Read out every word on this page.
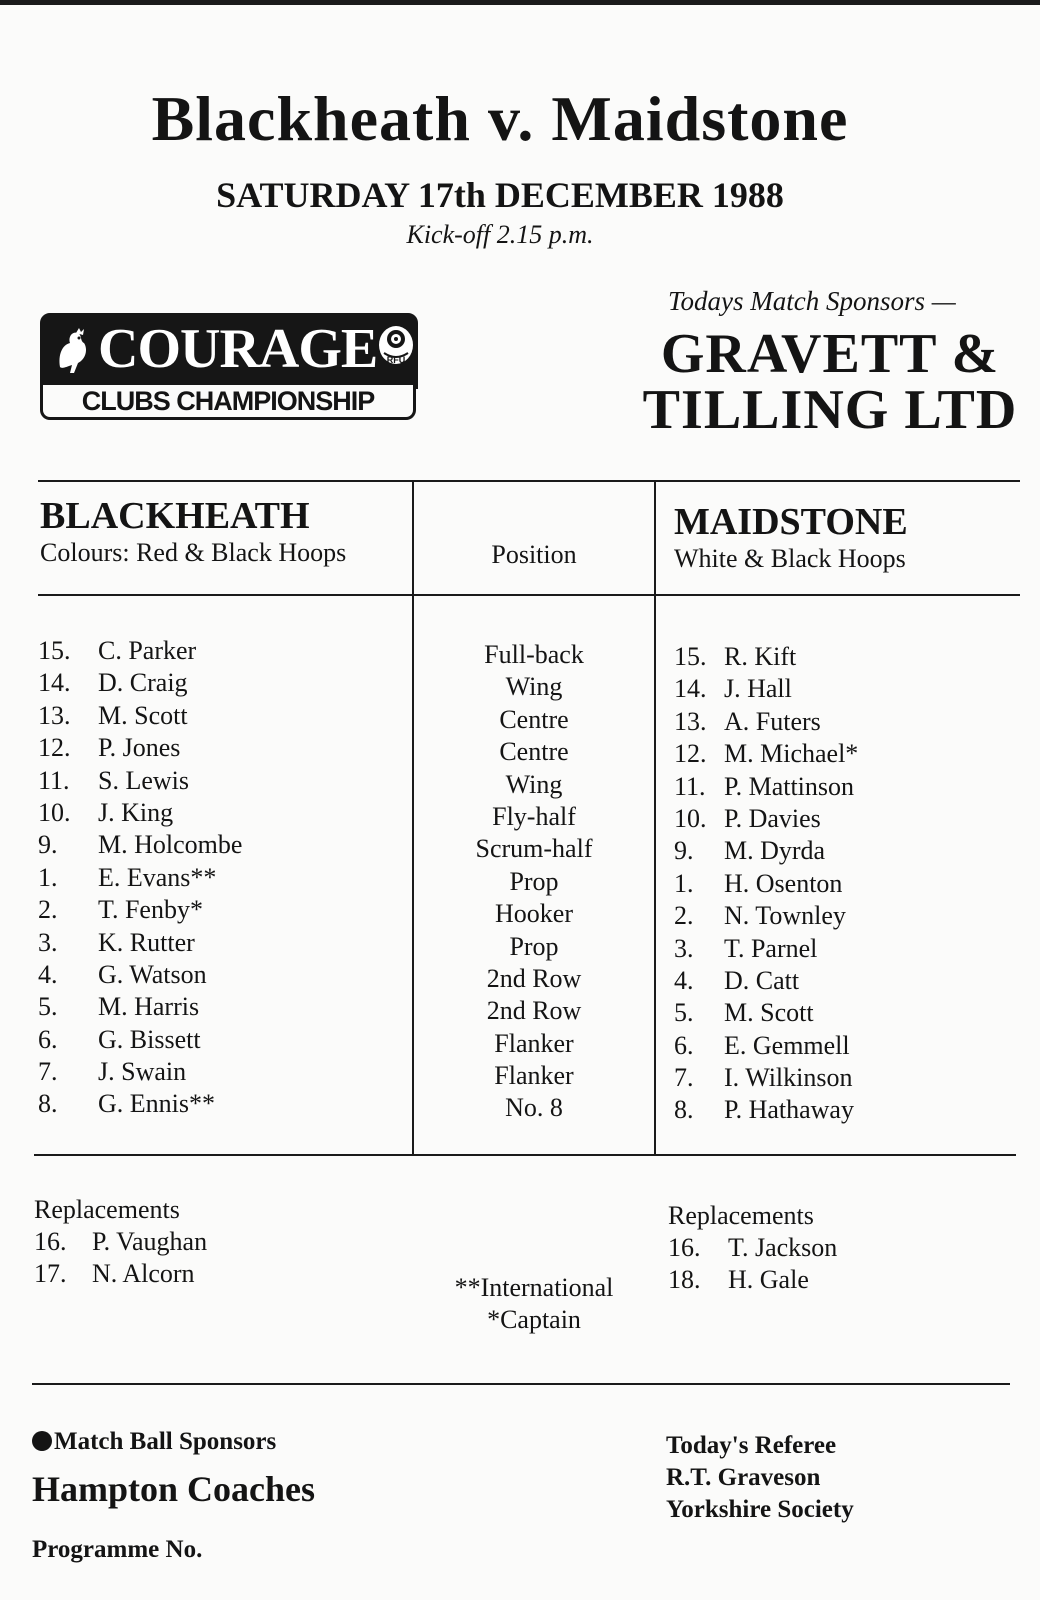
Blackheath v. Maidstone
SATURDAY 17th DECEMBER 1988
Kick-off 2.15 p.m.
COURAGE RFU
CLUBS CHAMPIONSHIP
Todays Match Sponsors —
GRAVETT &
TILLING LTD
BLACKHEATH
Colours: Red & Black Hoops	Position
MAIDSTONE
White & Black Hoops
15. C. Parker
14. D. Craig
13. M. Scott
12. P. Jones
11. S. Lewis
10. J. King
9. M. Holcombe
1. E. Evans**
2. T. Fenby*
3. K. Rutter
4. G. Watson
5. M. Harris
6. G. Bissett
7. J. Swain
8. G. Ennis**
Full-back
Wing
Centre
Centre
Wing
Fly-half
Scrum-half
Prop
Hooker
Prop
2nd Row
2nd Row
Flanker
Flanker
No. 8
15. R. Kift
14. J. Hall
13. A. Futers
12. M. Michael*
11. P. Mattinson
10. P. Davies
9. M. Dyrda
1. H. Osenton
2. N. Townley
3. T. Parnel
4. D. Catt
5. M. Scott
6. E. Gemmell
7. I. Wilkinson
8. P. Hathaway
Replacements
16. P. Vaughan
17. N. Alcorn
Replacements
16. T. Jackson
18. H. Gale
**International
*Captain
Match Ball Sponsors
Hampton Coaches
Programme No.
Today's Referee
R.T. Graveson
Yorkshire Society
